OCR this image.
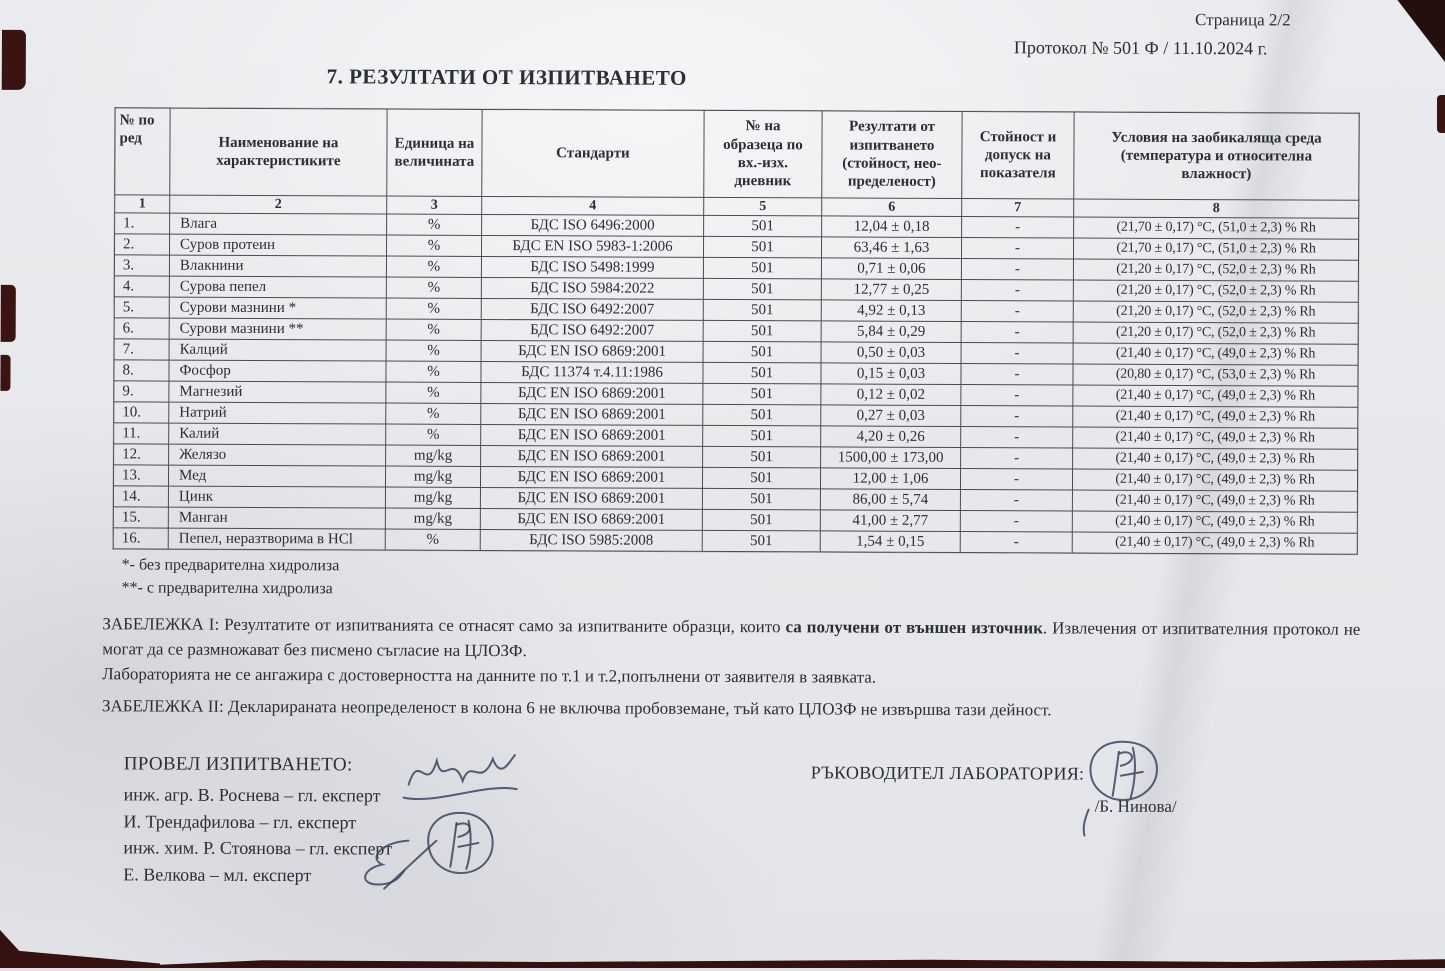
Страница 2/2
Протокол № 501 Ф / 11.10.2024 г.
7. РЕЗУЛТАТИ ОТ ИЗПИТВАНЕТО
№ по
ред	Наименование на
характеристиките	Единица на
величината	Стандарти	№ на
образеца по
вх.-изх.
дневник	Резултати от
изпитването
(стойност, нео-
пределеност)	Стойност и
допуск на
показателя	Условия на заобикаляща среда
(температура и относителна
влажност)
1	2	3	4	5	6	7	8
1.	Влага	%	БДС ISO 6496:2000	501	12,04 ± 0,18	-	(21,70 ± 0,17) °C, (51,0 ± 2,3) % Rh
2.	Суров протеин	%	БДС EN ISO 5983-1:2006	501	63,46 ± 1,63	-	(21,70 ± 0,17) °C, (51,0 ± 2,3) % Rh
3.	Влакнини	%	БДС ISO 5498:1999	501	0,71 ± 0,06	-	(21,20 ± 0,17) °C, (52,0 ± 2,3) % Rh
4.	Сурова пепел	%	БДС ISO 5984:2022	501	12,77 ± 0,25	-	(21,20 ± 0,17) °C, (52,0 ± 2,3) % Rh
5.	Сурови мазнини *	%	БДС ISO 6492:2007	501	4,92 ± 0,13	-	(21,20 ± 0,17) °C, (52,0 ± 2,3) % Rh
6.	Сурови мазнини **	%	БДС ISO 6492:2007	501	5,84 ± 0,29	-	(21,20 ± 0,17) °C, (52,0 ± 2,3) % Rh
7.	Калций	%	БДС EN ISO 6869:2001	501	0,50 ± 0,03	-	(21,40 ± 0,17) °C, (49,0 ± 2,3) % Rh
8.	Фосфор	%	БДС 11374 т.4.11:1986	501	0,15 ± 0,03	-	(20,80 ± 0,17) °C, (53,0 ± 2,3) % Rh
9.	Магнезий	%	БДС EN ISO 6869:2001	501	0,12 ± 0,02	-	(21,40 ± 0,17) °C, (49,0 ± 2,3) % Rh
10.	Натрий	%	БДС EN ISO 6869:2001	501	0,27 ± 0,03	-	(21,40 ± 0,17) °C, (49,0 ± 2,3) % Rh
11.	Калий	%	БДС EN ISO 6869:2001	501	4,20 ± 0,26	-	(21,40 ± 0,17) °C, (49,0 ± 2,3) % Rh
12.	Желязо	mg/kg	БДС EN ISO 6869:2001	501	1500,00 ± 173,00	-	(21,40 ± 0,17) °C, (49,0 ± 2,3) % Rh
13.	Мед	mg/kg	БДС EN ISO 6869:2001	501	12,00 ± 1,06	-	(21,40 ± 0,17) °C, (49,0 ± 2,3) % Rh
14.	Цинк	mg/kg	БДС EN ISO 6869:2001	501	86,00 ± 5,74	-	(21,40 ± 0,17) °C, (49,0 ± 2,3) % Rh
15.	Манган	mg/kg	БДС EN ISO 6869:2001	501	41,00 ± 2,77	-	(21,40 ± 0,17) °C, (49,0 ± 2,3) % Rh
16.	Пепел, неразтворима в HCl	%	БДС ISO 5985:2008	501	1,54 ± 0,15	-	(21,40 ± 0,17) °C, (49,0 ± 2,3) % Rh
*- без предварителна хидролиза
**- с предварителна хидролиза

ЗАБЕЛЕЖКА I: Резултатите от изпитванията се отнасят само за изпитваните образци, които са получени от външен източник. Извлечения от изпитвателния протокол не могат да се размножават без писмено съгласие на ЦЛОЗФ.

Лабораторията не се ангажира с достоверността на данните по т.1 и т.2,попълнени от заявителя в заявката.

ЗАБЕЛЕЖКА II: Декларираната неопределеност в колона 6 не включва пробовземане, тъй като ЦЛОЗФ не извършва тази дейност.
ПРОВЕЛ ИЗПИТВАНЕТО:
инж. агр. В. Роснева – гл. експерт
И. Трендафилова – гл. експерт
инж. хим. Р. Стоянова – гл. експерт
Е. Велкова – мл. експерт
РЪКОВОДИТЕЛ ЛАБОРАТОРИЯ:
/Б. Нинова/
